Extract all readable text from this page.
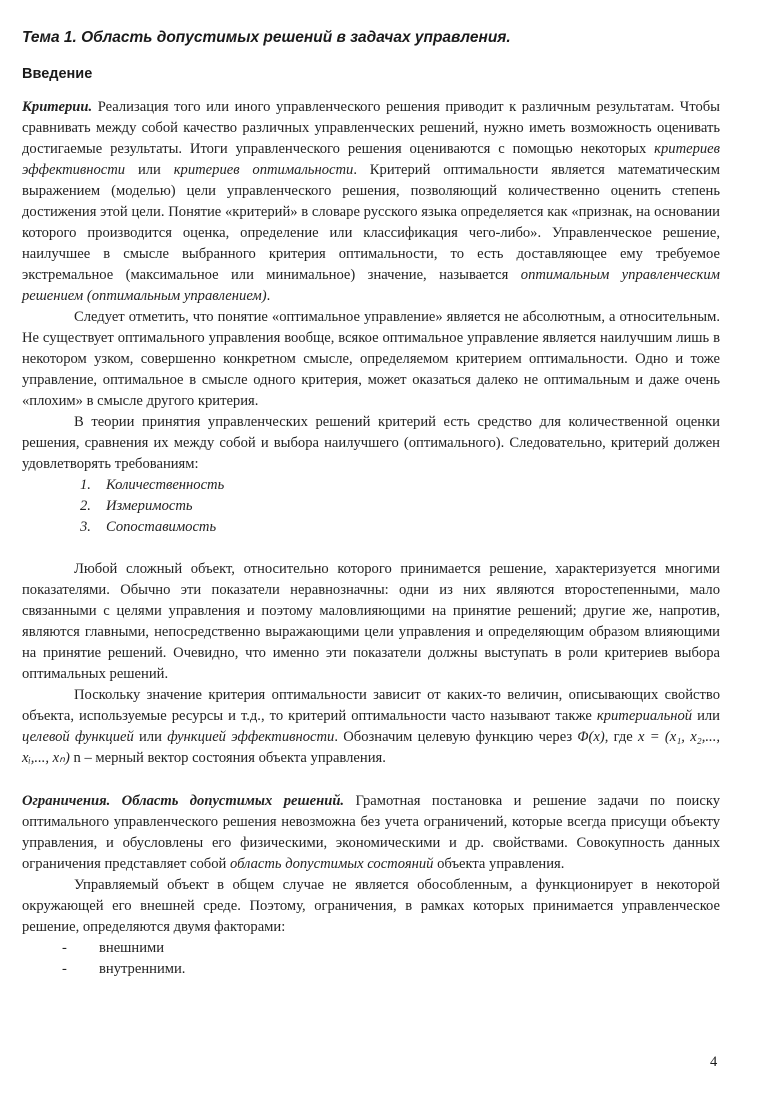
Тема 1. Область допустимых решений в задачах управления.
Введение

Критерии. Реализация того или иного управленческого решения приводит к различным результатам. Чтобы сравнивать между собой качество различных управленческих решений, нужно иметь возможность оценивать достигаемые результаты. Итоги управленческого решения оцениваются с помощью некоторых критериев эффективности или критериев оптимальности. Критерий оптимальности является математическим выражением (моделью) цели управленческого решения, позволяющий количественно оценить степень достижения этой цели. Понятие «критерий» в словаре русского языка определяется как «признак, на основании которого производится оценка, определение или классификация чего-либо». Управленческое решение, наилучшее в смысле выбранного критерия оптимальности, то есть доставляющее ему требуемое экстремальное (максимальное или минимальное) значение, называется оптимальным управленческим решением (оптимальным управлением).

Следует отметить, что понятие «оптимальное управление» является не абсолютным, а относительным. Не существует оптимального управления вообще, всякое оптимальное управление является наилучшим лишь в некотором узком, совершенно конкретном смысле, определяемом критерием оптимальности. Одно и тоже управление, оптимальное в смысле одного критерия, может оказаться далеко не оптимальным и даже очень «плохим» в смысле другого критерия.

В теории принятия управленческих решений критерий есть средство для количественной оценки решения, сравнения их между собой и выбора наилучшего (оптимального). Следовательно, критерий должен удовлетворять требованиям:

1. Количественность
2. Измеримость
3. Сопоставимость

Любой сложный объект, относительно которого принимается решение, характеризуется многими показателями. Обычно эти показатели неравнозначны: одни из них являются второстепенными, мало связанными с целями управления и поэтому маловлияющими на принятие решений; другие же, напротив, являются главными, непосредственно выражающими цели управления и определяющим образом влияющими на принятие решений. Очевидно, что именно эти показатели должны выступать в роли критериев выбора оптимальных решений.

Поскольку значение критерия оптимальности зависит от каких-то величин, описывающих свойство объекта, используемые ресурсы и т.д., то критерий оптимальности часто называют также критериальной или целевой функцией или функцией эффективности. Обозначим целевую функцию через Φ(x), где x = (x₁, x₂,..., xᵢ,..., xₙ) n – мерный вектор состояния объекта управления.

Ограничения. Область допустимых решений. Грамотная постановка и решение задачи по поиску оптимального управленческого решения невозможна без учета ограничений, которые всегда присущи объекту управления, и обусловлены его физическими, экономическими и др. свойствами. Совокупность данных ограничения представляет собой область допустимых состояний объекта управления.

Управляемый объект в общем случае не является обособленным, а функционирует в некоторой окружающей его внешней среде. Поэтому, ограничения, в рамках которых принимается управленческое решение, определяются двумя факторами:

- внешними
- внутренними.
4
